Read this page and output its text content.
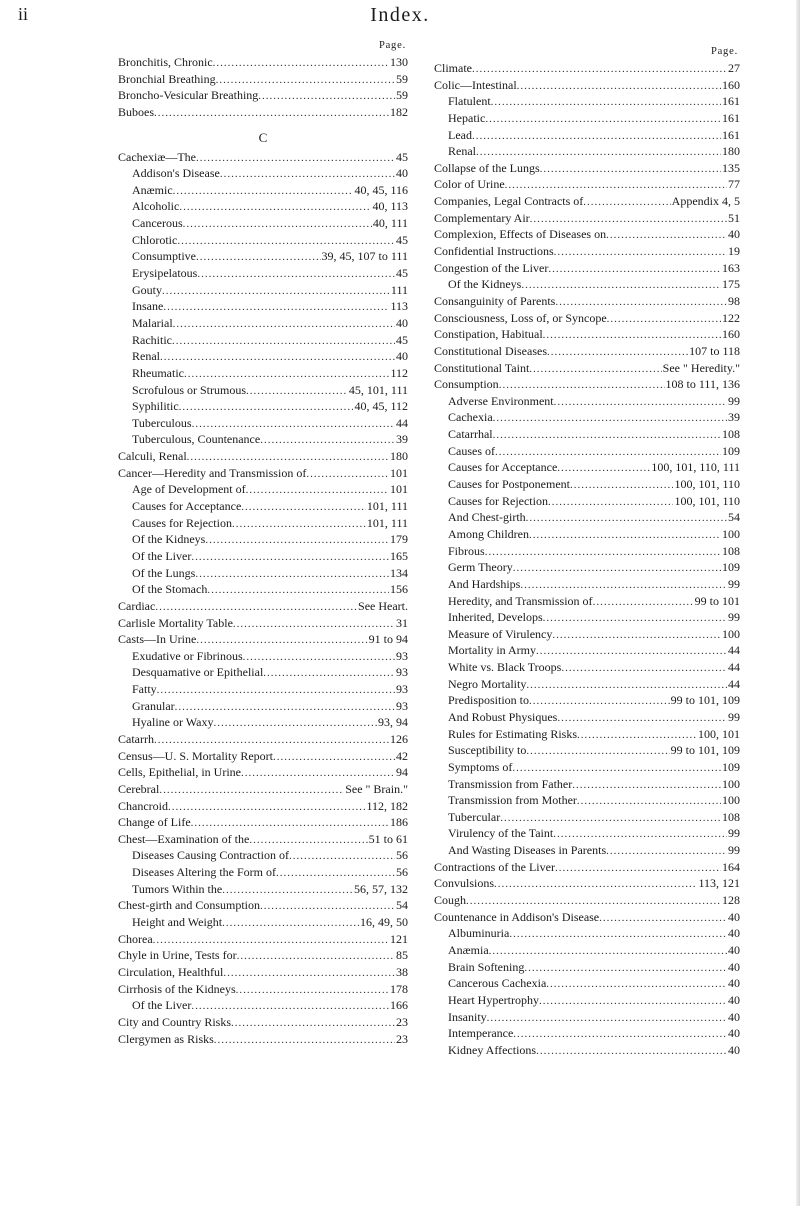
ii	Index.
Page.
Bronchitis, Chronic .....	130
Bronchial Breathing .....	59
Broncho-Vesicular Breathing .....	59
Buboes .....	182
C
Cachexiæ—The .....	45
Addison's Disease .....	40
Anæmic .....	40, 45, 116
Alcoholic .....	40, 113
Cancerous .....	40, 111
Chlorotic .....	45
Consumptive .....	39, 45, 107 to 111
Erysipelatous .....	45
Gouty .....	111
Insane .....	113
Malarial .....	40
Rachitic .....	45
Renal .....	40
Rheumatic .....	112
Scrofulous or Strumous .....	45, 101, 111
Syphilitic .....	40, 45, 112
Tuberculous .....	44
Tuberculous, Countenance .....	39
Calculi, Renal .....	180
Cancer—Heredity and Transmission of .....	101
Age of Development of .....	101
Causes for Acceptance .....	101, 111
Causes for Rejection .....	101, 111
Of the Kidneys .....	179
Of the Liver .....	165
Of the Lungs .....	134
Of the Stomach .....	156
Cardiac .....	See Heart.
Carlisle Mortality Table .....	31
Casts—In Urine .....	91 to 94
Exudative or Fibrinous .....	93
Desquamative or Epithelial .....	93
Fatty .....	93
Granular .....	93
Hyaline or Waxy .....	93, 94
Catarrh .....	126
Census—U. S. Mortality Report .....	42
Cells, Epithelial, in Urine .....	94
Cerebral .....	See " Brain."
Chancroid .....	112, 182
Change of Life .....	186
Chest—Examination of the .....	51 to 61
Diseases Causing Contraction of .....	56
Diseases Altering the Form of .....	56
Tumors Within the .....	56, 57, 132
Chest-girth and Consumption .....	54
Height and Weight .....	16, 49, 50
Chorea .....	121
Chyle in Urine, Tests for .....	85
Circulation, Healthful .....	38
Cirrhosis of the Kidneys .....	178
Of the Liver .....	166
City and Country Risks .....	23
Clergymen as Risks .....	23
Page.
Climate .....	27
Colic—Intestinal .....	160
Flatulent .....	161
Hepatic .....	161
Lead .....	161
Renal .....	180
Collapse of the Lungs .....	135
Color of Urine .....	77
Companies, Legal Contracts of .....	Appendix 4, 5
Complementary Air .....	51
Complexion, Effects of Diseases on .....	40
Confidential Instructions .....	19
Congestion of the Liver .....	163
Of the Kidneys .....	175
Consanguinity of Parents .....	98
Consciousness, Loss of, or Syncope .....	122
Constipation, Habitual .....	160
Constitutional Diseases .....	107 to 118
Constitutional Taint .....	See " Heredity."
Consumption .....	108 to 111, 136
Adverse Environment .....	99
Cachexia .....	39
Catarrhal .....	108
Causes of .....	109
Causes for Acceptance .....	100, 101, 110, 111
Causes for Postponement .....	100, 101, 110
Causes for Rejection .....	100, 101, 110
And Chest-girth .....	54
Among Children .....	100
Fibrous .....	108
Germ Theory .....	109
And Hardships .....	99
Heredity, and Transmission of .....	99 to 101
Inherited, Develops .....	99
Measure of Virulency .....	100
Mortality in Army .....	44
White vs. Black Troops .....	44
Negro Mortality .....	44
Predisposition to .....	99 to 101, 109
And Robust Physiques .....	99
Rules for Estimating Risks .....	100, 101
Susceptibility to .....	99 to 101, 109
Symptoms of .....	109
Transmission from Father .....	100
Transmission from Mother .....	100
Tubercular .....	108
Virulency of the Taint .....	99
And Wasting Diseases in Parents .....	99
Contractions of the Liver .....	164
Convulsions .....	113, 121
Cough .....	128
Countenance in Addison's Disease .....	40
Albuminuria .....	40
Anæmia .....	40
Brain Softening .....	40
Cancerous Cachexia .....	40
Heart Hypertrophy .....	40
Insanity .....	40
Intemperance .....	40
Kidney Affections .....	40
